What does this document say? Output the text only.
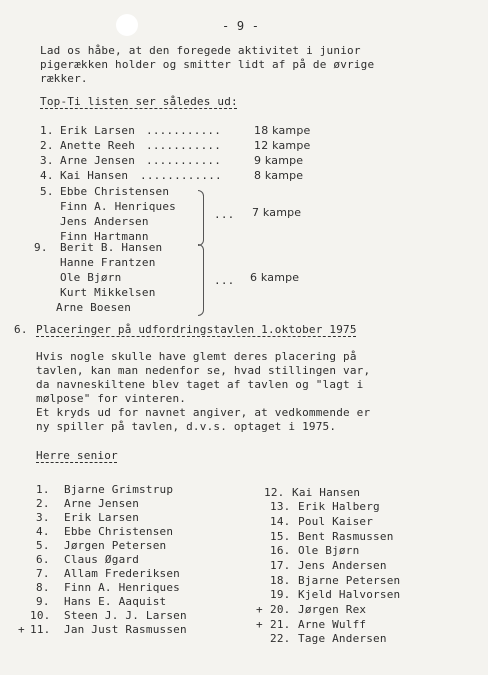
- 9 -
Lad os håbe, at den foregede aktivitet i junior
pigerækken holder og smitter lidt af på de øvrige
rækker.
Top-Ti listen ser således ud:
1. Erik Larsen ...........	18 kampe
2. Anette Reeh ...........	12 kampe
3. Arne Jensen ...........	9 kampe
4. Kai Hansen ............	8 kampe
5. Ebbe Christensen
Finn A. Henriques
Jens Andersen
Finn Hartmann
... 7 kampe
9. Berit B. Hansen
Hanne Frantzen
Ole Bjørn
Kurt Mikkelsen
Arne Boesen
... 6 kampe
6. Placeringer på udfordringstavlen 1.oktober 1975
Hvis nogle skulle have glemt deres placering på
tavlen, kan man nedenfor se, hvad stillingen var,
da navneskiltene blev taget af tavlen og "lagt i
mølpose" for vinteren.
Et kryds ud for navnet angiver, at vedkommende er
ny spiller på tavlen, d.v.s. optaget i 1975.
Herre senior
1. Bjarne Grimstrup
2. Arne Jensen
3. Erik Larsen
4. Ebbe Christensen
5. Jørgen Petersen
6. Claus Øgard
7. Allam Frederiksen
8. Finn A. Henriques
9. Hans E. Aaquist
10. Steen J. J. Larsen
+ 11. Jan Just Rasmussen
12. Kai Hansen
13. Erik Halberg
14. Poul Kaiser
15. Bent Rasmussen
16. Ole Bjørn
17. Jens Andersen
18. Bjarne Petersen
19. Kjeld Halvorsen
+ 20. Jørgen Rex
+ 21. Arne Wulff
22. Tage Andersen
